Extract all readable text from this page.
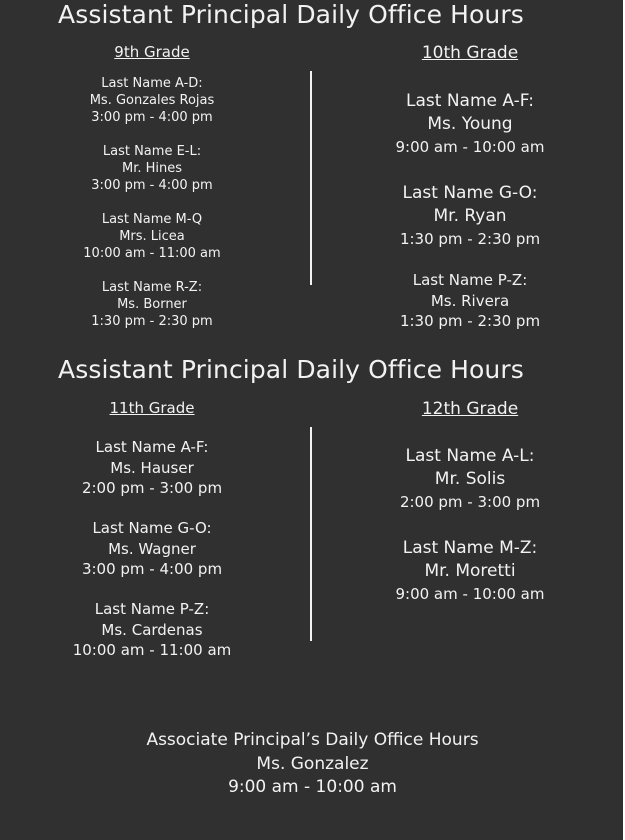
Assistant Principal Daily Office Hours
9th Grade	10th Grade
Last Name A-D:
Ms. Gonzales Rojas
3:00 pm - 4:00 pm
Last Name E-L:
Mr. Hines
3:00 pm - 4:00 pm
Last Name M-Q
Mrs. Licea
10:00 am - 11:00 am
Last Name R-Z:
Ms. Borner
1:30 pm - 2:30 pm
Last Name A-F:
Ms. Young
9:00 am - 10:00 am
Last Name G-O:
Mr. Ryan
1:30 pm - 2:30 pm
Last Name P-Z:
Ms. Rivera
1:30 pm - 2:30 pm
Assistant Principal Daily Office Hours
11th Grade	12th Grade
Last Name A-F:
Ms. Hauser
2:00 pm - 3:00 pm
Last Name G-O:
Ms. Wagner
3:00 pm - 4:00 pm
Last Name P-Z:
Ms. Cardenas
10:00 am - 11:00 am
Last Name A-L:
Mr. Solis
2:00 pm - 3:00 pm
Last Name M-Z:
Mr. Moretti
9:00 am - 10:00 am
Associate Principal’s Daily Office Hours
Ms. Gonzalez
9:00 am - 10:00 am
